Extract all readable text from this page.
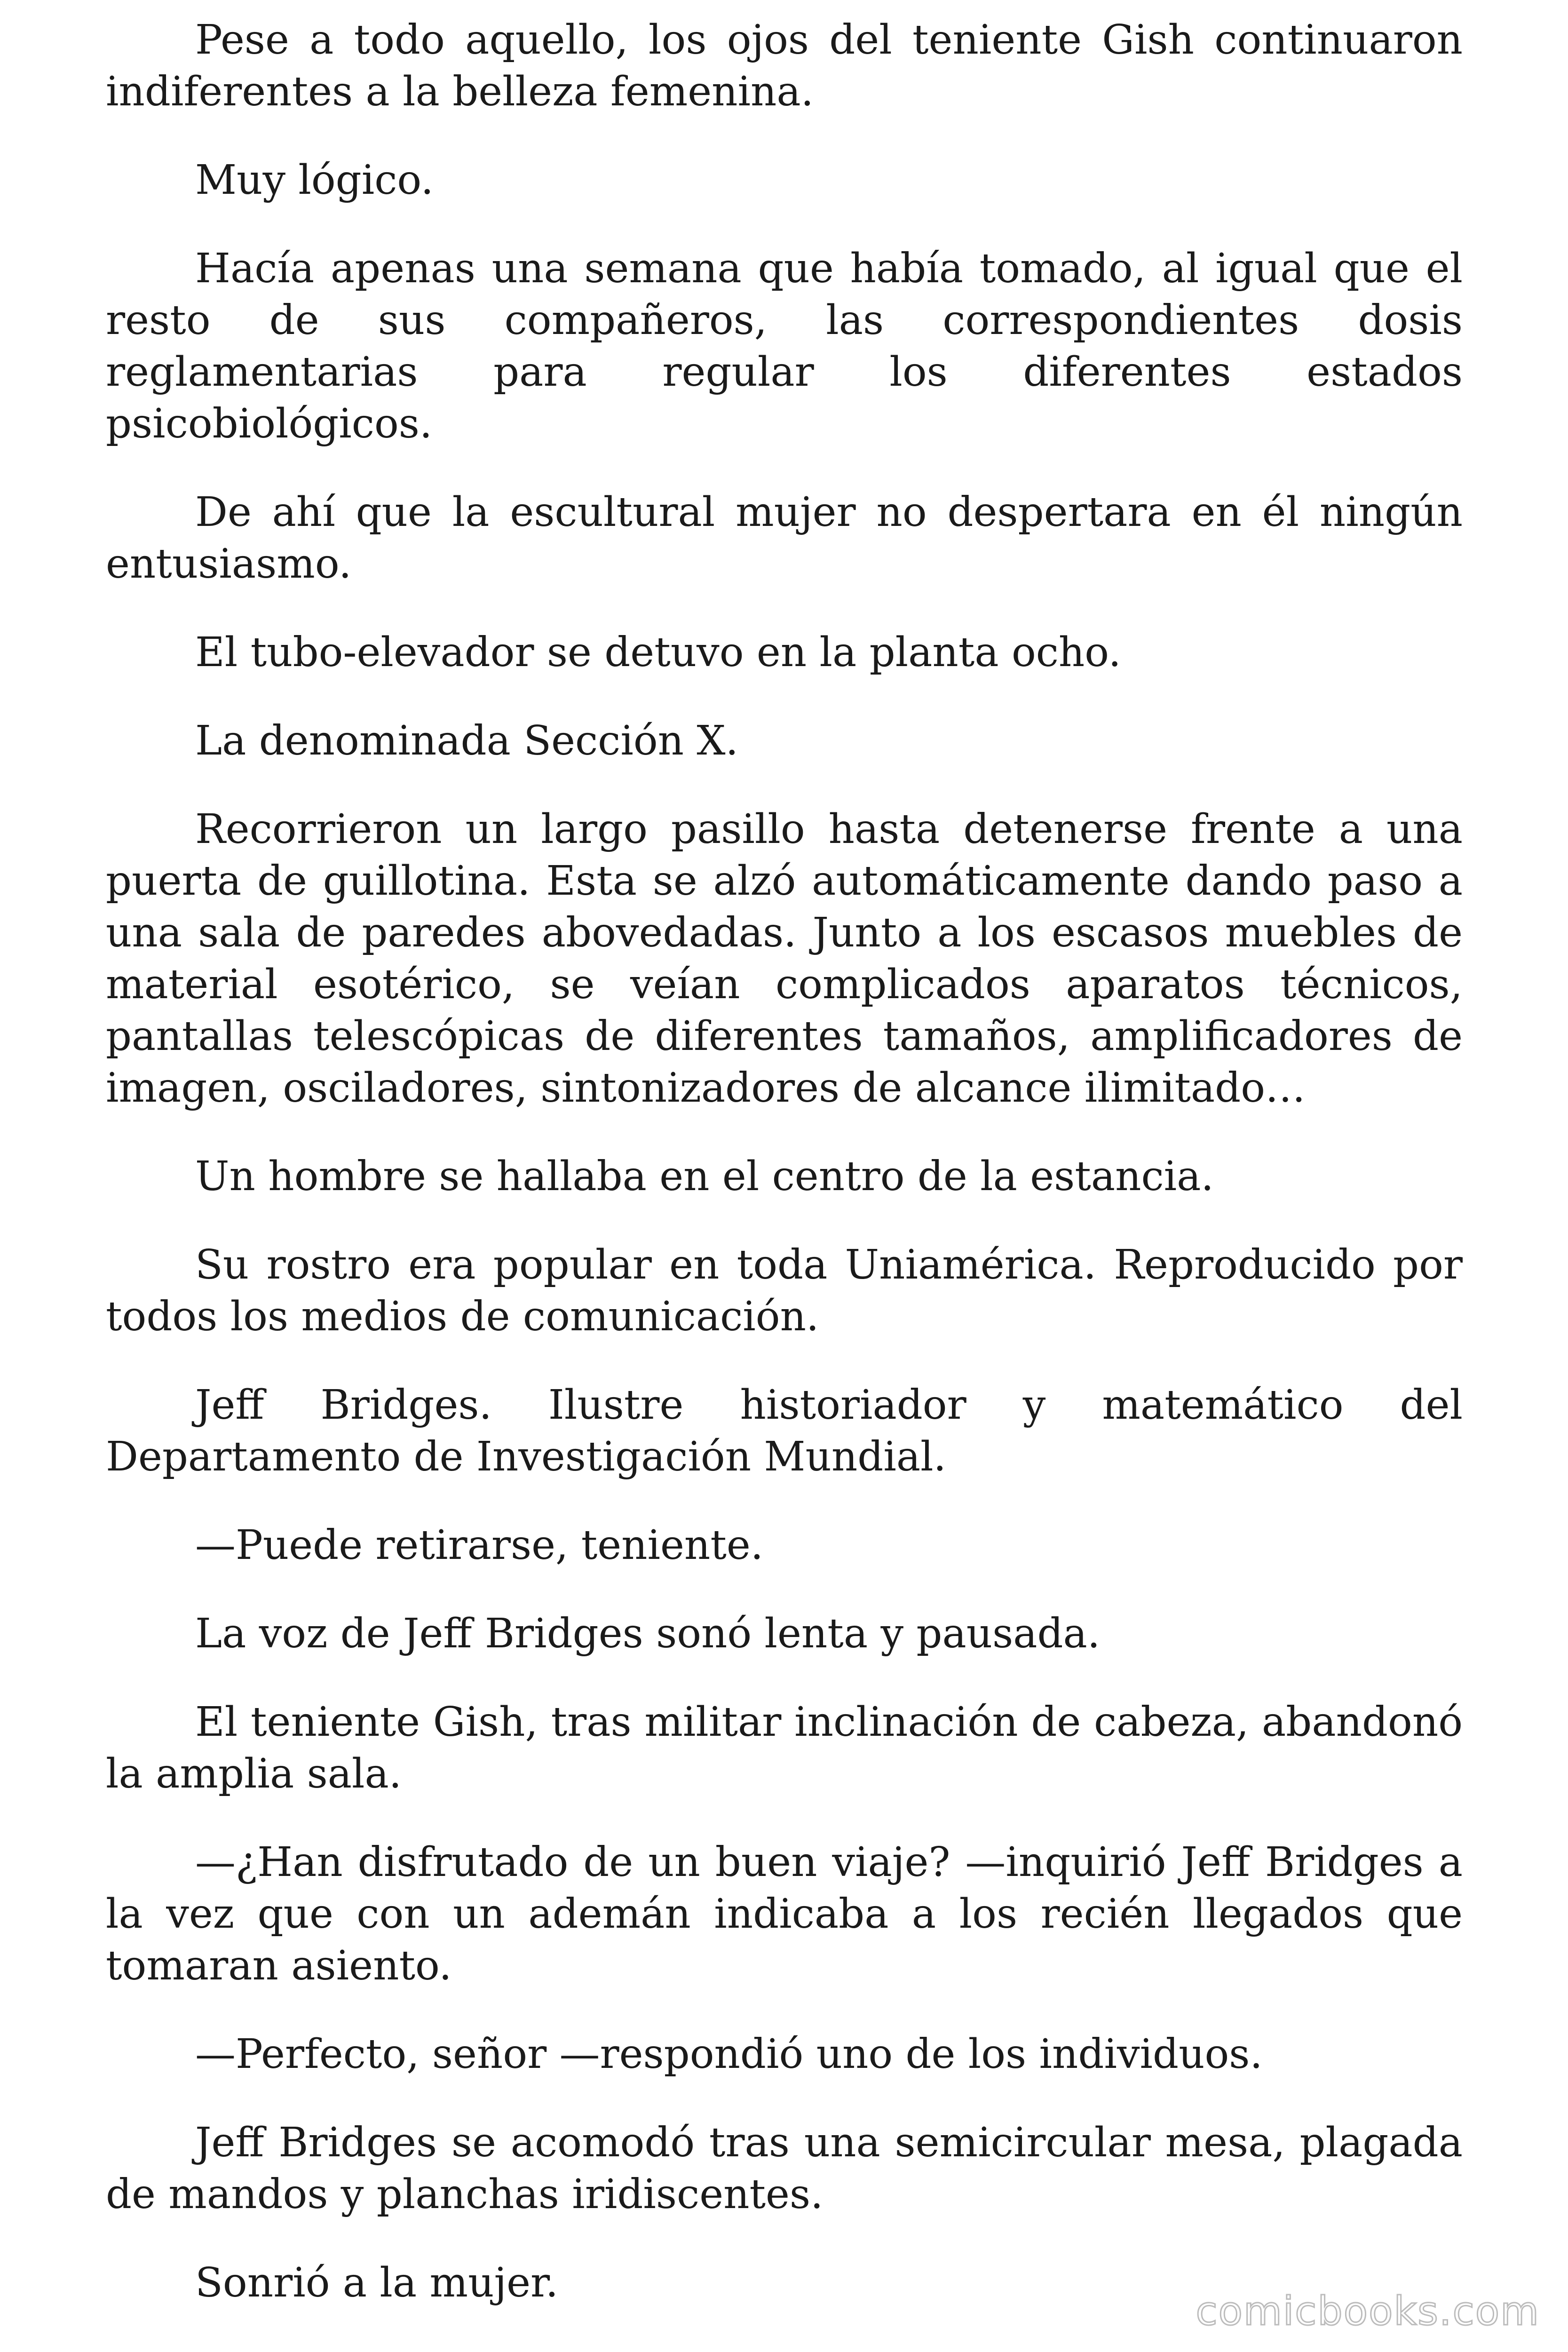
Pese a todo aquello, los ojos del teniente Gish continuaron indiferentes a la belleza femenina.

Muy lógico.

Hacía apenas una semana que había tomado, al igual que el resto de sus compañeros, las correspondientes dosis reglamentarias para regular los diferentes estados psicobiológicos.

De ahí que la escultural mujer no despertara en él ningún entusiasmo.

El tubo-elevador se detuvo en la planta ocho.

La denominada Sección X.

Recorrieron un largo pasillo hasta detenerse frente a una puerta de guillotina. Esta se alzó automáticamente dando paso a una sala de paredes abovedadas. Junto a los escasos muebles de material esotérico, se veían complicados aparatos técnicos, pantallas telescópicas de diferentes tamaños, amplificadores de imagen, osciladores, sintonizadores de alcance ilimitado…

Un hombre se hallaba en el centro de la estancia.

Su rostro era popular en toda Uniamérica. Reproducido por todos los medios de comunicación.

Jeff Bridges. Ilustre historiador y matemático del Departamento de Investigación Mundial.

—Puede retirarse, teniente.

La voz de Jeff Bridges sonó lenta y pausada.

El teniente Gish, tras militar inclinación de cabeza, abandonó la amplia sala.

—¿Han disfrutado de un buen viaje? —inquirió Jeff Bridges a la vez que con un ademán indicaba a los recién llegados que tomaran asiento.

—Perfecto, señor —respondió uno de los individuos.

Jeff Bridges se acomodó tras una semicircular mesa, plagada de mandos y planchas iridiscentes.

Sonrió a la mujer.

comicbooks.com
